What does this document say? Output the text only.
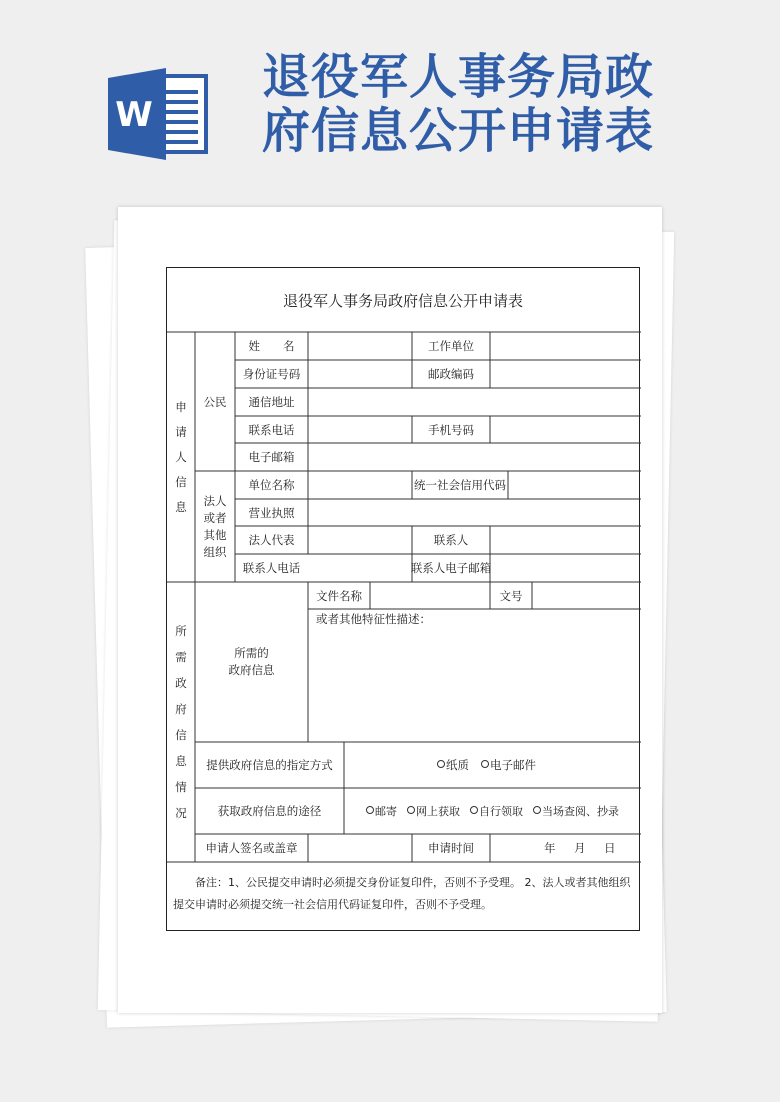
W
退役军人事务局政
府信息公开申请表
退役军人事务局政府信息公开申请表
申
请
人
信
息
公民
法人
或者
其他
组织
姓　　名	工作单位
身份证号码	邮政编码
通信地址
联系电话	手机号码
电子邮箱
单位名称	统一社会信用代码
营业执照
法人代表	联系人
联系人电话	联系人电子邮箱
所
需
政
府
信
息
情
况
所需的
政府信息
文件名称	文号
或者其他特征性描述：
提供政府信息的指定方式	纸质 电子邮件
获取政府信息的途径	邮寄 网上获取 自行领取 当场查阅、抄录
申请人签名或盖章	申请时间	年 月 日
　　备注：1、公民提交申请时必须提交身份证复印件，否则不予受理。 2、法人或者其他组织提交申请时必须提交统一社会信用代码证复印件，否则不予受理。
